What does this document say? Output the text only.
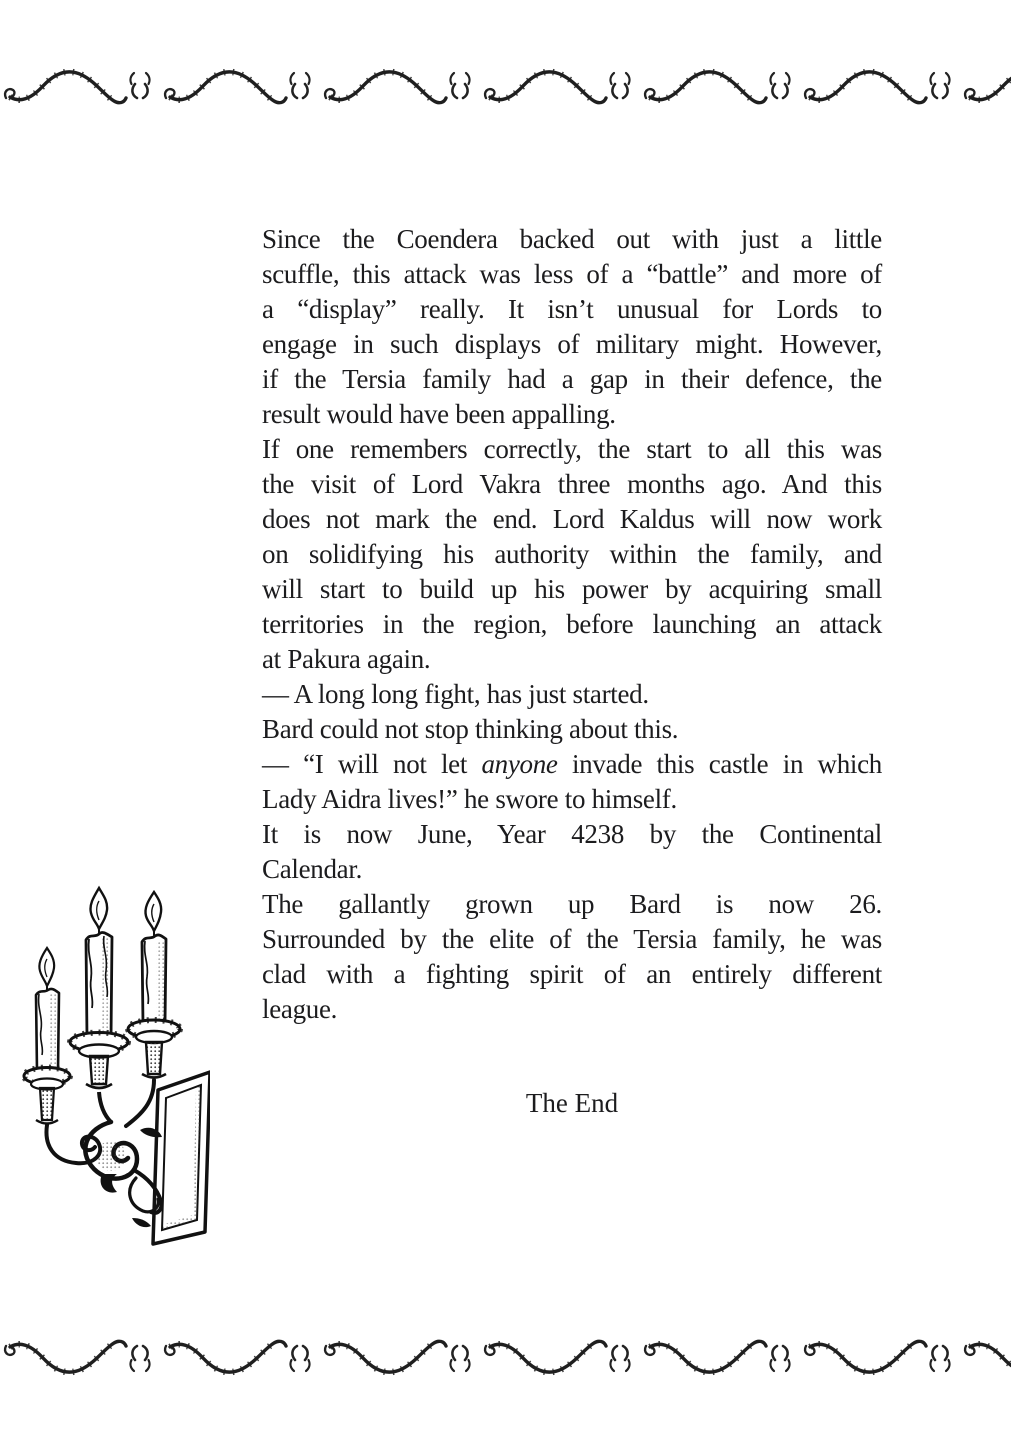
Since the Coendera backed out with just a little
scuffle, this attack was less of a “battle” and more of
a “display” really. It isn’t unusual for Lords to
engage in such displays of military might. However,
if the Tersia family had a gap in their defence, the
result would have been appalling.
If one remembers correctly, the start to all this was
the visit of Lord Vakra three months ago. And this
does not mark the end. Lord Kaldus will now work
on solidifying his authority within the family, and
will start to build up his power by acquiring small
territories in the region, before launching an attack
at Pakura again.
— A long long fight, has just started.
Bard could not stop thinking about this.
— “I will not let anyone invade this castle in which
Lady Aidra lives!” he swore to himself.
It is now June, Year 4238 by the Continental
Calendar.
The gallantly grown up Bard is now 26.
Surrounded by the elite of the Tersia family, he was
clad with a fighting spirit of an entirely different
league.
The End
